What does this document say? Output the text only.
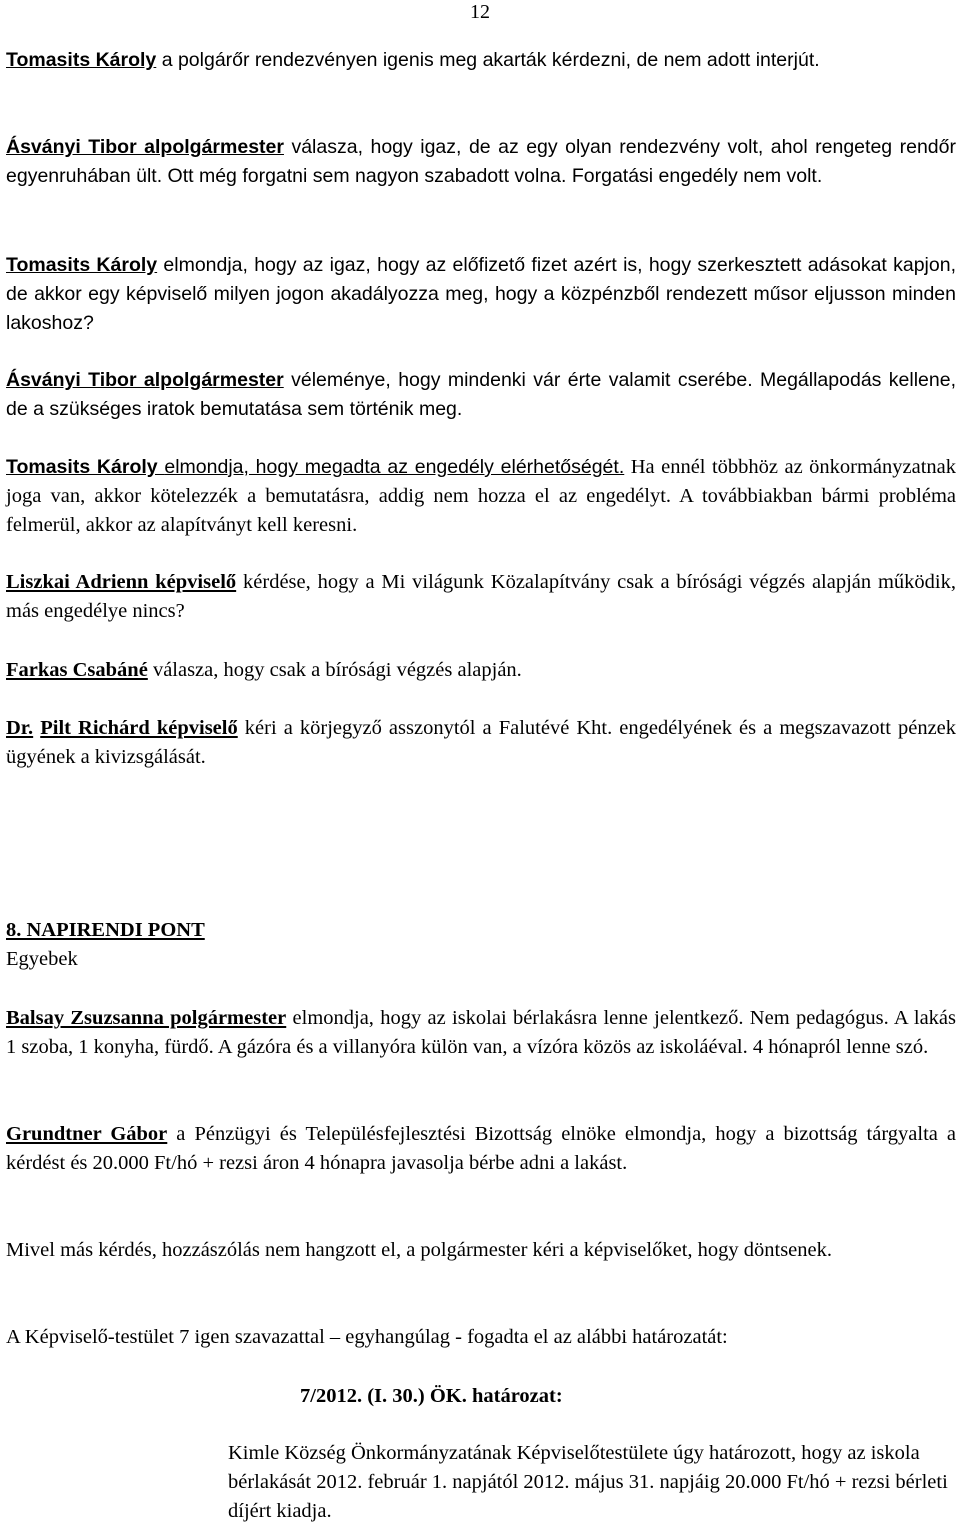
12

Tomasits Károly a polgárőr rendezvényen igenis meg akarták kérdezni, de nem adott interjút.

Ásványi Tibor alpolgármester válasza, hogy igaz, de az egy olyan rendezvény volt, ahol rengeteg rendőr egyenruhában ült. Ott még forgatni sem nagyon szabadott volna. Forgatási engedély nem volt.

Tomasits Károly elmondja, hogy az igaz, hogy az előfizető fizet azért is, hogy szerkesztett adásokat kapjon, de akkor egy képviselő milyen jogon akadályozza meg, hogy a közpénzből rendezett műsor eljusson minden lakoshoz?

Ásványi Tibor alpolgármester véleménye, hogy mindenki vár érte valamit cserébe. Megállapodás kellene, de a szükséges iratok bemutatása sem történik meg.

Tomasits Károly elmondja, hogy megadta az engedély elérhetőségét. Ha ennél többhöz az önkormányzatnak joga van, akkor kötelezzék a bemutatásra, addig nem hozza el az engedélyt. A továbbiakban bármi probléma felmerül, akkor az alapítványt kell keresni.

Liszkai Adrienn képviselő kérdése, hogy a Mi világunk Közalapítvány csak a bírósági végzés alapján működik, más engedélye nincs?

Farkas Csabáné válasza, hogy csak a bírósági végzés alapján.

Dr. Pilt Richárd képviselő kéri a körjegyző asszonytól a Falutévé Kht. engedélyének és a megszavazott pénzek ügyének a kivizsgálását.

8. NAPIRENDI PONT

Egyebek

Balsay Zsuzsanna polgármester elmondja, hogy az iskolai bérlakásra lenne jelentkező. Nem pedagógus. A lakás 1 szoba, 1 konyha, fürdő. A gázóra és a villanyóra külön van, a vízóra közös az iskoláéval. 4 hónapról lenne szó.

Grundtner Gábor a Pénzügyi és Településfejlesztési Bizottság elnöke elmondja, hogy a bizottság tárgyalta a kérdést és 20.000 Ft/hó + rezsi áron 4 hónapra javasolja bérbe adni a lakást.

Mivel más kérdés, hozzászólás nem hangzott el, a polgármester kéri a képviselőket, hogy döntsenek.

A Képviselő-testület 7 igen szavazattal ‒ egyhangúlag - fogadta el az alábbi határozatát:

7/2012. (I. 30.) ÖK. határozat:

Kimle Község Önkormányzatának Képviselőtestülete úgy határozott, hogy az iskola bérlakását 2012. február 1. napjától 2012. május 31. napjáig 20.000 Ft/hó + rezsi bérleti díjért kiadja.
